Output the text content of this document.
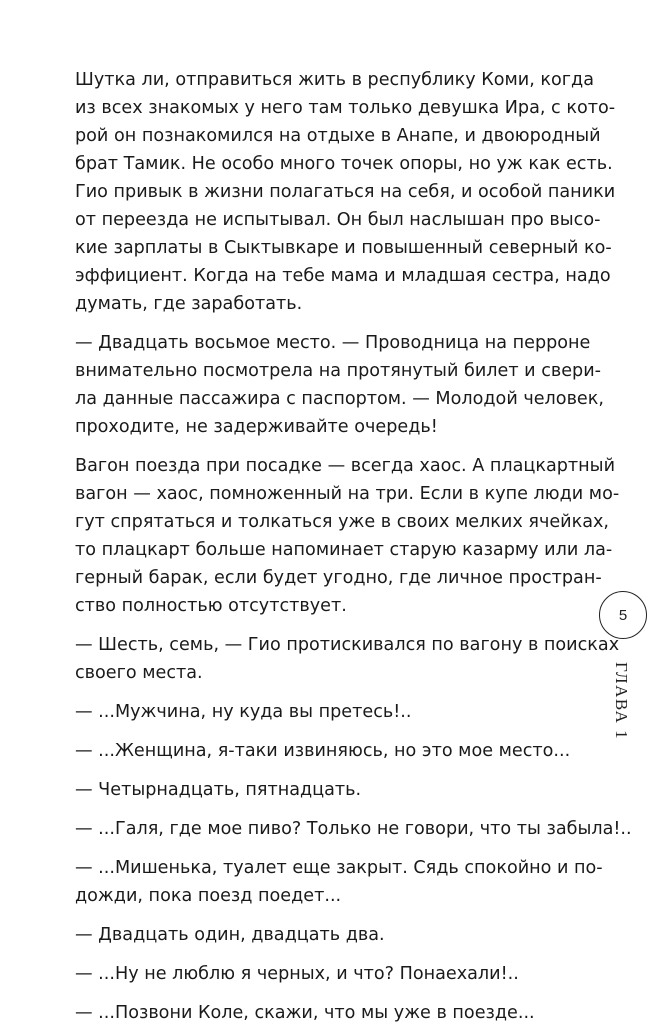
Шутка ли, отправиться жить в республику Коми, когда
из всех знакомых у него там только девушка Ира, с кото-
рой он познакомился на отдыхе в Анапе, и двоюродный
брат Тамик. Не особо много точек опоры, но уж как есть.
Гио привык в жизни полагаться на себя, и особой паники
от переезда не испытывал. Он был наслышан про высо-
кие зарплаты в Сыктывкаре и повышенный северный ко-
эффициент. Когда на тебе мама и младшая сестра, надо
думать, где заработать.

— Двадцать восьмое место. — Проводница на перроне
внимательно посмотрела на протянутый билет и свери-
ла данные пассажира с паспортом. — Молодой человек,
проходите, не задерживайте очередь!

Вагон поезда при посадке — всегда хаос. А плацкартный
вагон — хаос, помноженный на три. Если в купе люди мо-
гут спрятаться и толкаться уже в своих мелких ячейках,
то плацкарт больше напоминает старую казарму или ла-
герный барак, если будет угодно, где личное простран-
ство полностью отсутствует.

— Шесть, семь, — Гио протискивался по вагону в поисках
своего места.

— ...Мужчина, ну куда вы претесь!..

— ...Женщина, я-таки извиняюсь, но это мое место...

— Четырнадцать, пятнадцать.

— ...Галя, где мое пиво? Только не говори, что ты забыла!..

— ...Мишенька, туалет еще закрыт. Сядь спокойно и по-
дожди, пока поезд поедет...

— Двадцать один, двадцать два.

— ...Ну не люблю я черных, и что? Понаехали!..

— ...Позвони Коле, скажи, что мы уже в поезде...

5
ГЛАВА 1
